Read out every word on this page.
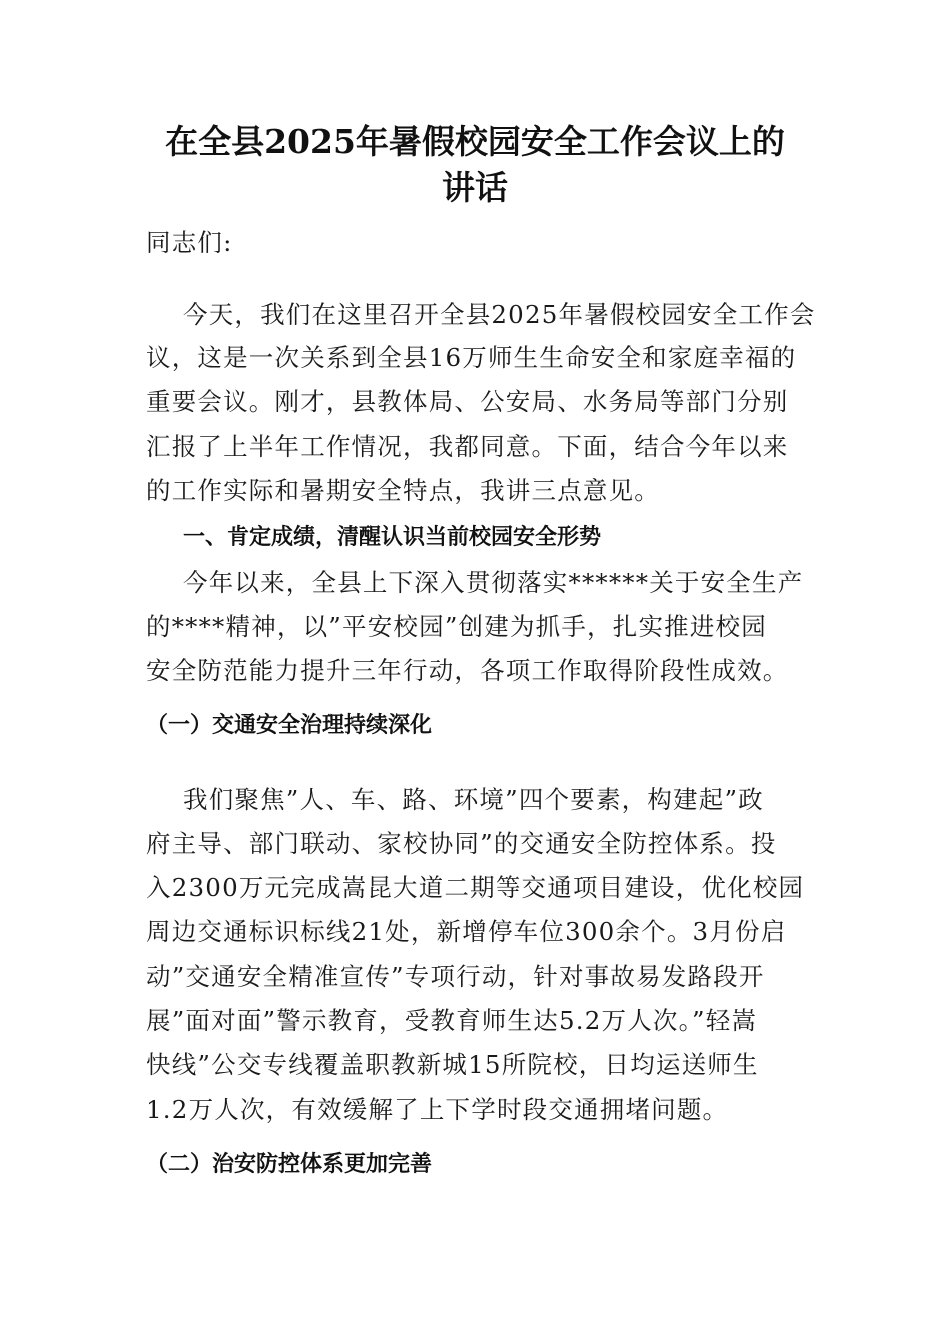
在全县2025年暑假校园安全工作会议上的
讲话
同志们:
今天，我们在这里召开全县2025年暑假校园安全工作会
议，这是一次关系到全县16万师生生命安全和家庭幸福的
重要会议。刚才，县教体局、公安局、水务局等部门分别
汇报了上半年工作情况，我都同意。下面，结合今年以来
的工作实际和暑期安全特点，我讲三点意见。
一、肯定成绩，清醒认识当前校园安全形势
今年以来，全县上下深入贯彻落实******关于安全生产
的****精神，以”平安校园”创建为抓手，扎实推进校园
安全防范能力提升三年行动，各项工作取得阶段性成效。
（一）交通安全治理持续深化
我们聚焦”人、车、路、环境”四个要素，构建起”政
府主导、部门联动、家校协同”的交通安全防控体系。投
入2300万元完成嵩昆大道二期等交通项目建设，优化校园
周边交通标识标线21处，新增停车位300余个。3月份启
动”交通安全精准宣传”专项行动，针对事故易发路段开
展”面对面”警示教育，受教育师生达5.2万人次。”轻嵩
快线”公交专线覆盖职教新城15所院校，日均运送师生
1.2万人次，有效缓解了上下学时段交通拥堵问题。
（二）治安防控体系更加完善
